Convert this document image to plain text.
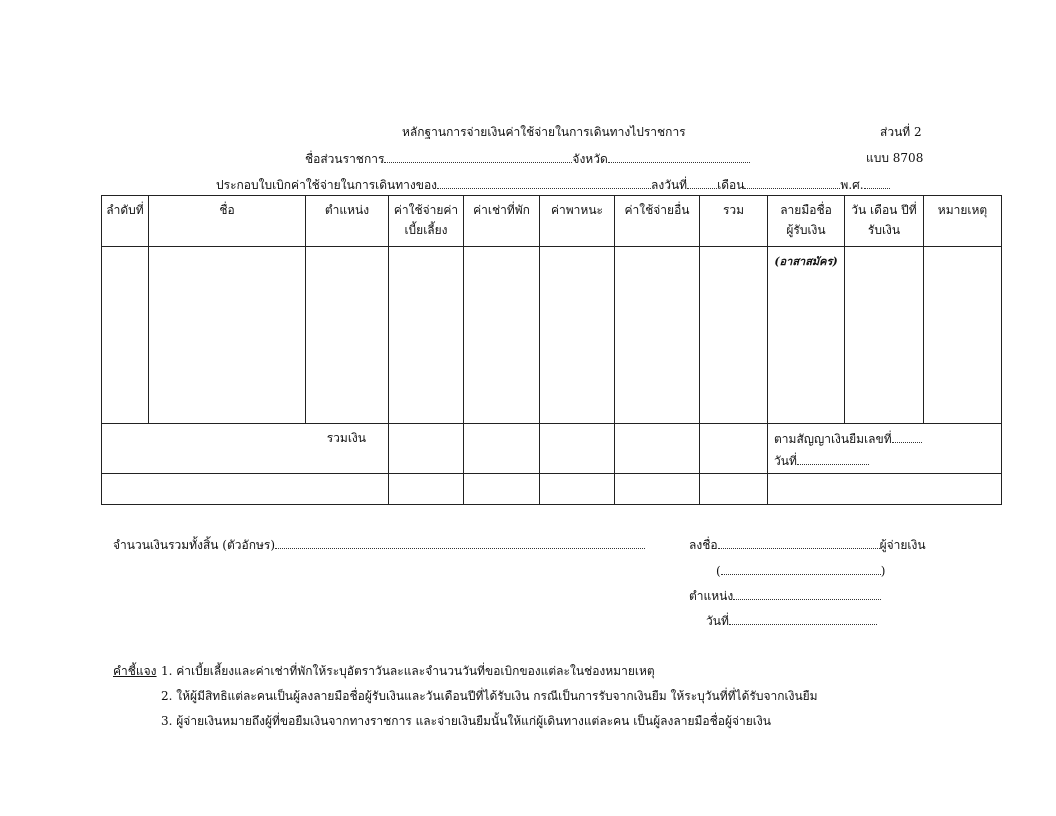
หลักฐานการจ่ายเงินค่าใช้จ่ายในการเดินทางไปราชการ	ส่วนที่ 2
ชื่อส่วนราชการ	จังหวัด	แบบ 8708
ประกอบใบเบิกค่าใช้จ่ายในการเดินทางของ	ลงวันที่	เดือน	พ.ศ.
ลำดับที่	ชื่อ	ตำแหน่ง	ค่าใช้จ่ายค่าเบี้ยเลี้ยง	ค่าเช่าที่พัก	ค่าพาหนะ	ค่าใช้จ่ายอื่น	รวม	ลายมือชื่อผู้รับเงิน	วัน เดือน ปีที่รับเงิน	หมายเหตุ
								(อาสาสมัคร)		
รวมเงิน								ตามสัญญาเงินยืมเลขที่
วันที่		

จำนวนเงินรวมทั้งสิ้น (ตัวอักษร)	ลงชื่อ	ผู้จ่ายเงิน
(	)
ตำแหน่ง
วันที่
คำชี้แจง 1. ค่าเบี้ยเลี้ยงและค่าเช่าที่พักให้ระบุอัตราวันละและจำนวนวันที่ขอเบิกของแต่ละในช่องหมายเหตุ
2. ให้ผู้มีสิทธิแต่ละคนเป็นผู้ลงลายมือชื่อผู้รับเงินและวันเดือนปีที่ได้รับเงิน กรณีเป็นการรับจากเงินยืม ให้ระบุวันที่ที่ได้รับจากเงินยืม
3. ผู้จ่ายเงินหมายถึงผู้ที่ขอยืมเงินจากทางราชการ และจ่ายเงินยืมนั้นให้แก่ผู้เดินทางแต่ละคน เป็นผู้ลงลายมือชื่อผู้จ่ายเงิน
